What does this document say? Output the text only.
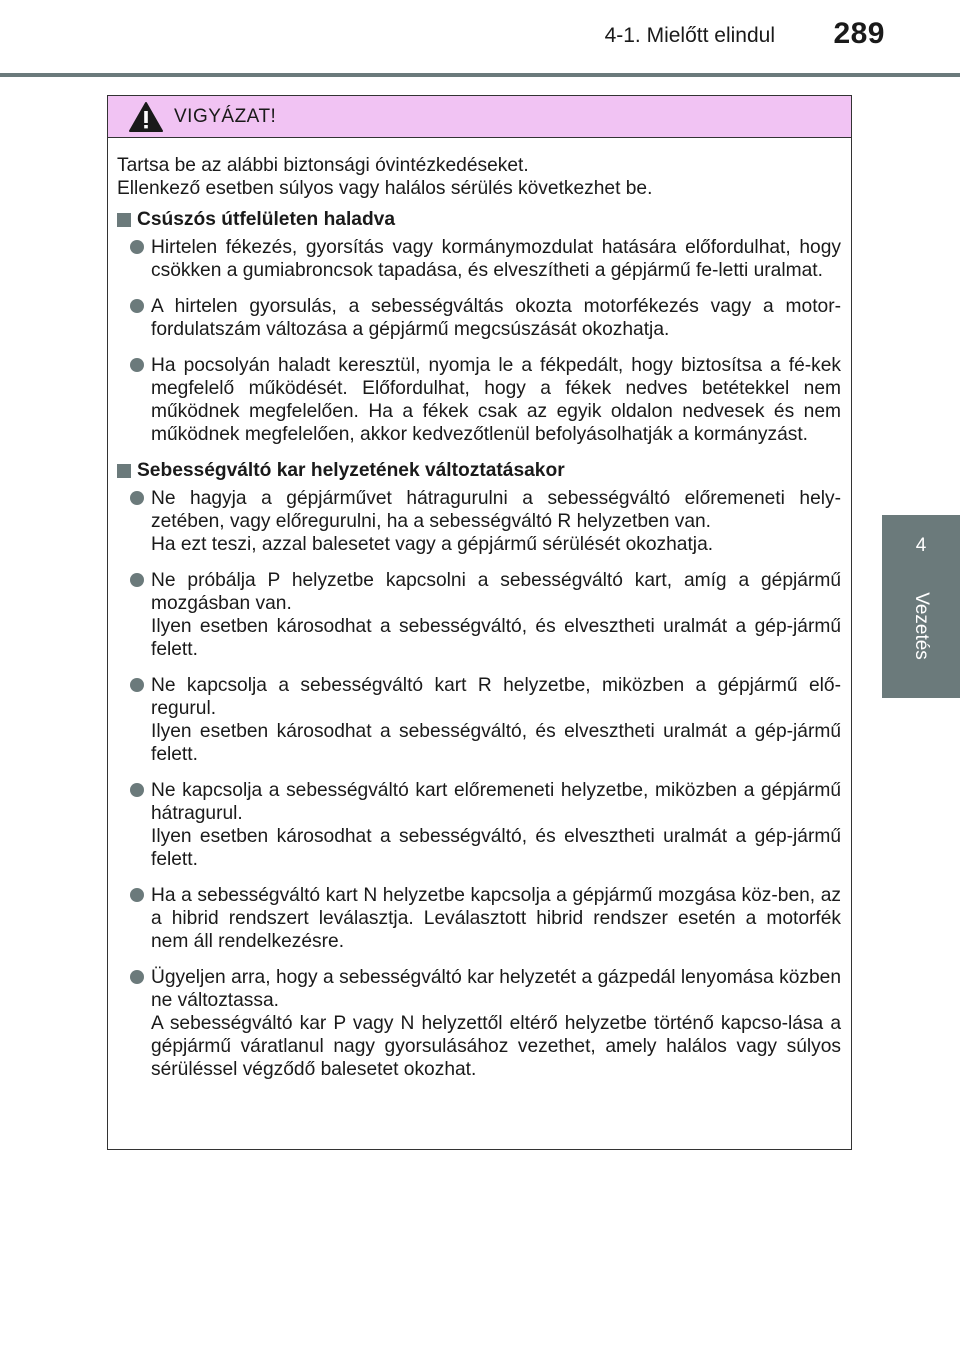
4-1. Mielőtt elindul 289
4
Vezetés
VIGYÁZAT!
Tartsa be az alábbi biztonsági óvintézkedéseket.
Ellenkező esetben súlyos vagy halálos sérülés következhet be.
Csúszós útfelületen haladva

Hirtelen fékezés, gyorsítás vagy kormánymozdulat hatására előfordulhat, hogy csökken a gumiabroncsok tapadása, és elveszítheti a gépjármű fe-letti uralmat.

A hirtelen gyorsulás, a sebességváltás okozta motorfékezés vagy a motor-fordulatszám változása a gépjármű megcsúszását okozhatja.

Ha pocsolyán haladt keresztül, nyomja le a fékpedált, hogy biztosítsa a fé-kek megfelelő működését. Előfordulhat, hogy a fékek nedves betétekkel nem működnek megfelelően. Ha a fékek csak az egyik oldalon nedvesek és nem működnek megfelelően, akkor kedvezőtlenül befolyásolhatják a kormányzást.

Sebességváltó kar helyzetének változtatásakor

Ne hagyja a gépjárművet hátragurulni a sebességváltó előremeneti hely-zetében, vagy előregurulni, ha a sebességváltó R helyzetben van.

Ha ezt teszi, azzal balesetet vagy a gépjármű sérülését okozhatja.

Ne próbálja P helyzetbe kapcsolni a sebességváltó kart, amíg a gépjármű mozgásban van.

Ilyen esetben károsodhat a sebességváltó, és elvesztheti uralmát a gép-jármű felett.

Ne kapcsolja a sebességváltó kart R helyzetbe, miközben a gépjármű elő-regurul.

Ilyen esetben károsodhat a sebességváltó, és elvesztheti uralmát a gép-jármű felett.

Ne kapcsolja a sebességváltó kart előremeneti helyzetbe, miközben a gépjármű hátragurul.

Ilyen esetben károsodhat a sebességváltó, és elvesztheti uralmát a gép-jármű felett.

Ha a sebességváltó kart N helyzetbe kapcsolja a gépjármű mozgása köz-ben, az a hibrid rendszert leválasztja. Leválasztott hibrid rendszer esetén a motorfék nem áll rendelkezésre.

Ügyeljen arra, hogy a sebességváltó kar helyzetét a gázpedál lenyomása közben ne változtassa.

A sebességváltó kar P vagy N helyzettől eltérő helyzetbe történő kapcso-lása a gépjármű váratlanul nagy gyorsulásához vezethet, amely halálos vagy súlyos sérüléssel végződő balesetet okozhat.
